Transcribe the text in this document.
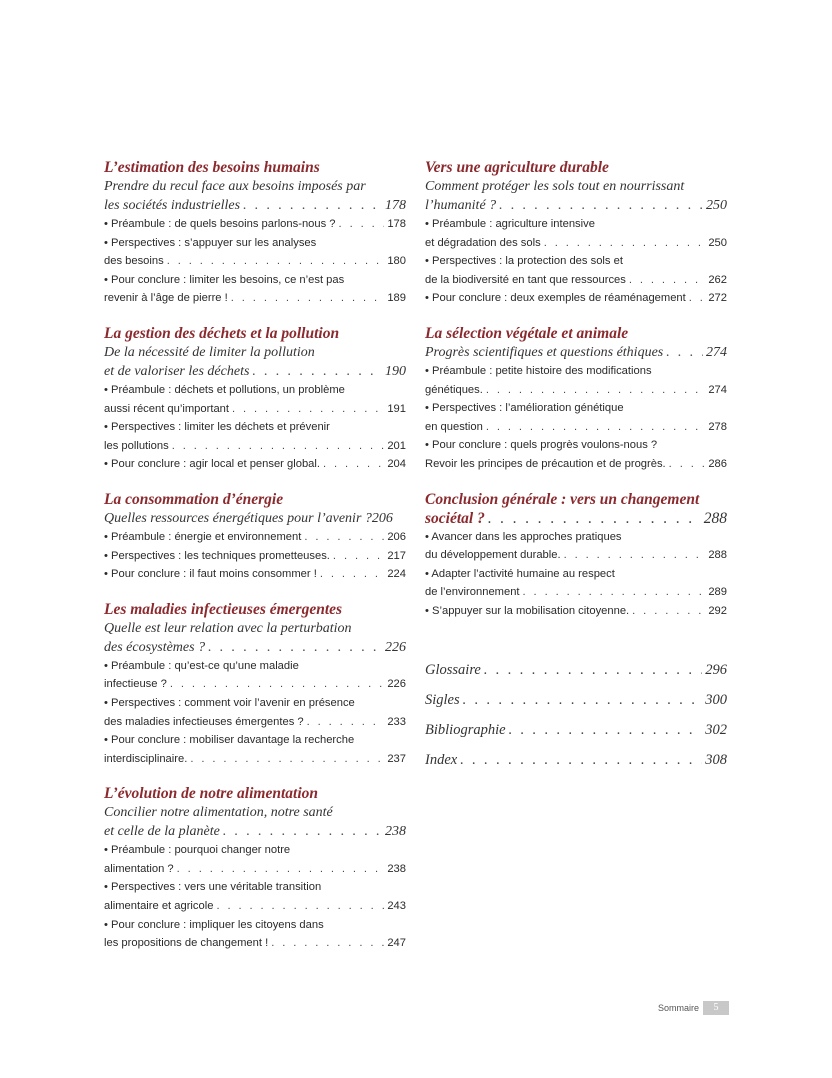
L’estimation des besoins humains
Prendre du recul face aux besoins imposés par
les sociétés industrielles . . .	178
• Préambule : de quels besoins parlons-nous ? . . .	178
• Perspectives : s’appuyer sur les analyses
des besoins . . .	180
• Pour conclure : limiter les besoins, ce n’est pas
revenir à l’âge de pierre ! . . .	189
La gestion des déchets et la pollution
De la nécessité de limiter la pollution
et de valoriser les déchets . . .	190
• Préambule : déchets et pollutions, un problème
aussi récent qu’important . . .	191
• Perspectives : limiter les déchets et prévenir
les pollutions . . .	201
• Pour conclure : agir local et penser global. . . .	204
La consommation d’énergie
Quelles ressources énergétiques pour l’avenir ? 206
• Préambule : énergie et environnement . . .	206
• Perspectives : les techniques prometteuses. . . .	217
• Pour conclure : il faut moins consommer ! . . .	224
Les maladies infectieuses émergentes
Quelle est leur relation avec la perturbation
des écosystèmes ? . . .	226
• Préambule : qu’est-ce qu’une maladie
infectieuse ? . . .	226
• Perspectives : comment voir l’avenir en présence
des maladies infectieuses émergentes ? . . .	233
• Pour conclure : mobiliser davantage la recherche
interdisciplinaire. . . .	237
L’évolution de notre alimentation
Concilier notre alimentation, notre santé
et celle de la planète . . .	238
• Préambule : pourquoi changer notre
alimentation ? . . .	238
• Perspectives : vers une véritable transition
alimentaire et agricole . . .	243
• Pour conclure : impliquer les citoyens dans
les propositions de changement ! . . .	247
Vers une agriculture durable
Comment protéger les sols tout en nourrissant
l’humanité ? . . .	250
• Préambule : agriculture intensive
et dégradation des sols . . .	250
• Perspectives : la protection des sols et
de la biodiversité en tant que ressources . . .	262
• Pour conclure : deux exemples de réaménagement . . . 272
La sélection végétale et animale
Progrès scientifiques et questions éthiques . . .	274
• Préambule : petite histoire des modifications
génétiques. . . .	274
• Perspectives : l’amélioration génétique
en question . . .	278
• Pour conclure : quels progrès voulons-nous ?
Revoir les principes de précaution et de progrès. . . .	286
Conclusion générale : vers un changement
sociétal ? . . .	288
• Avancer dans les approches pratiques
du développement durable. . . .	288
• Adapter l’activité humaine au respect
de l’environnement . . .	289
• S’appuyer sur la mobilisation citoyenne. . . .	292
Glossaire . . .	296
Sigles . . .	300
Bibliographie . . .	302
Index . . .	308
Sommaire	5
